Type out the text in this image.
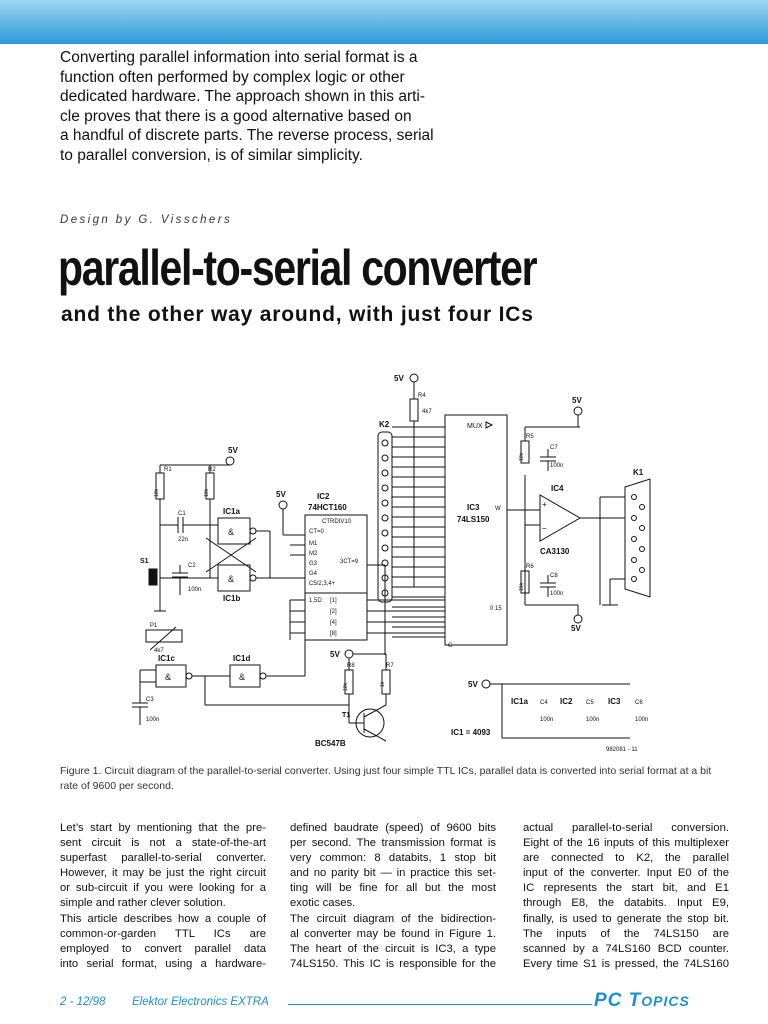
Converting parallel information into serial format is a
function often performed by complex logic or other
dedicated hardware. The approach shown in this arti-
cle proves that there is a good alternative based on
a handful of discrete parts. The reverse process, serial
to parallel conversion, is of similar simplicity.

Design by G. Visschers
parallel-to-serial converter
and the other way around, with just four ICs
MUX
IC3
74LS150
0 15
G
W
K2
5V
R4
4k7
IC2
74HCT160
CTRDIV10
CT=0
M1
M2
G3
G4
C5/2,3,4+
3CT=9
1,5D [1]
[2]
[4]
[8]
5V
&
IC1a
&
IC1b
5V
R1	R2
10k	10k
C1
22n
C2
100n
S1
P1
4k7
&
IC1c
&
IC1d
C3
100n
5V
R8
10k
R7
1k
T1
BC547B
+
−
IC4
CA3130
R5
10k
R6
10k
C7
100n
C8
100n
5V
5V
K1
5V
IC1a C4
100n
IC2 C5
100n
IC3 C6
100n
IC1 = 4093
982081 - 11

Figure 1. Circuit diagram of the parallel-to-serial converter. Using just four simple TTL ICs, parallel data is converted into serial format at a bit rate of 9600 per second.

Let’s start by mentioning that the pre-
sent circuit is not a state-of-the-art
superfast parallel-to-serial converter.
However, it may be just the right circuit
or sub-circuit if you were looking for a
simple and rather clever solution.
This article describes how a couple of
common-or-garden TTL ICs are
employed to convert parallel data
into serial format, using a hardware-

defined baudrate (speed) of 9600 bits
per second. The transmission format is
very common: 8 databits, 1 stop bit
and no parity bit — in practice this set-
ting will be fine for all but the most
exotic cases.
The circuit diagram of the bidirection-
al converter may be found in Figure 1.
The heart of the circuit is IC3, a type
74LS150. This IC is responsible for the

actual parallel-to-serial conversion.
Eight of the 16 inputs of this multiplexer
are connected to K2, the parallel
input of the converter. Input E0 of the
IC represents the start bit, and E1
through E8, the databits. Input E9,
finally, is used to generate the stop bit.
The inputs of the 74LS150 are
scanned by a 74LS160 BCD counter.
Every time S1 is pressed, the 74LS160

2 - 12/98 Elektor Electronics EXTRA	PC TOPICS
